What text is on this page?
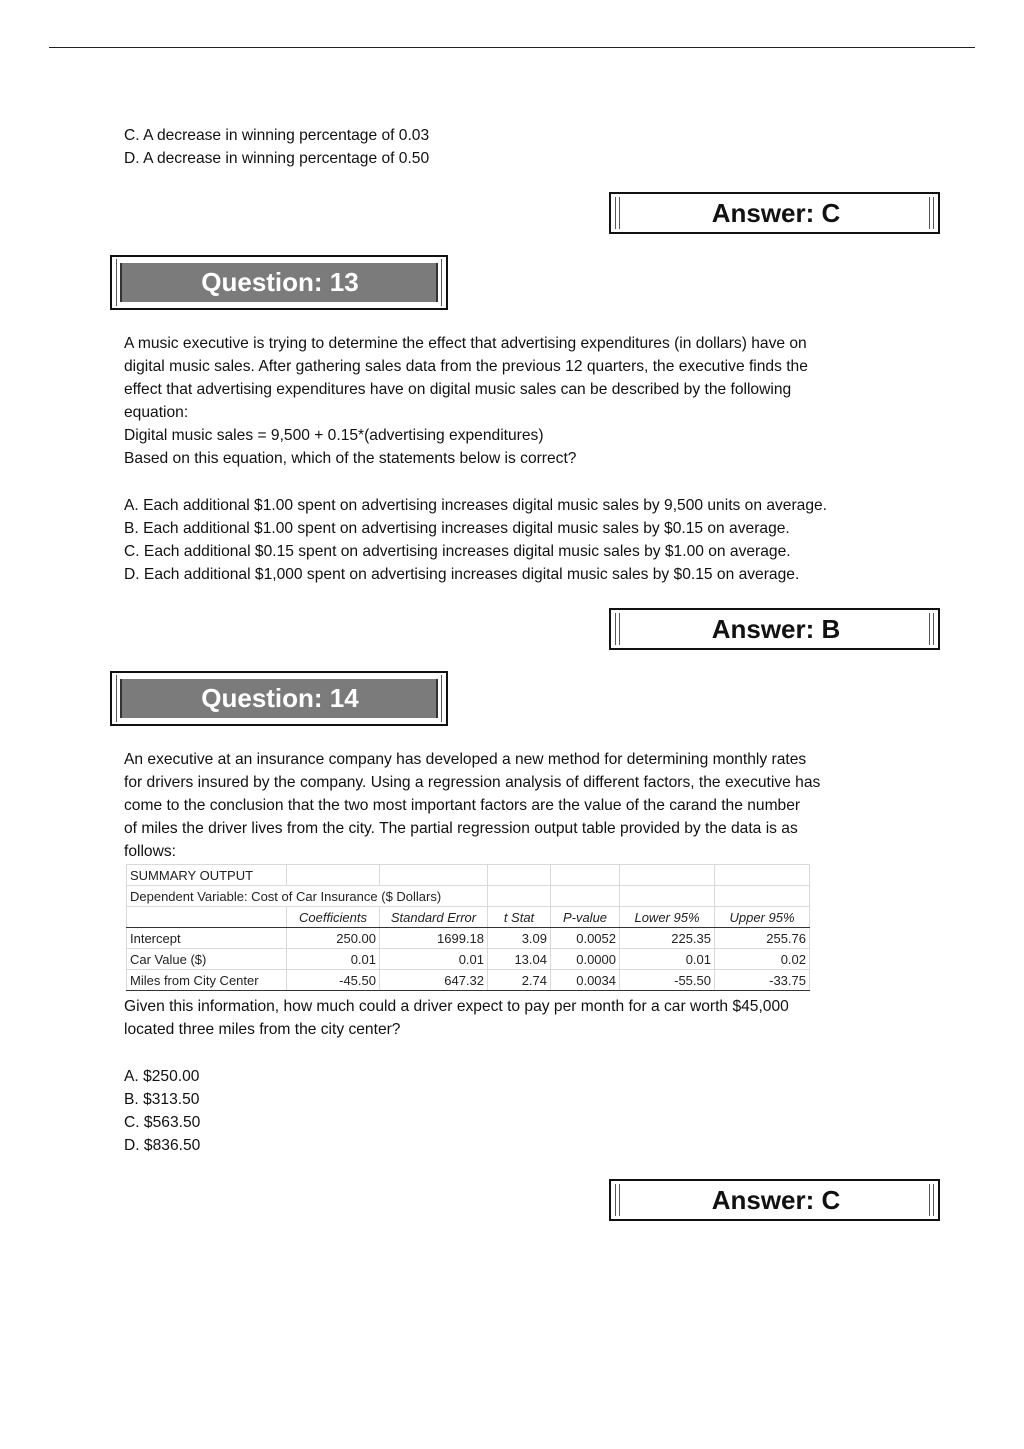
C. A decrease in winning percentage of 0.03
D. A decrease in winning percentage of 0.50
Answer: C
Question: 13
A music executive is trying to determine the effect that advertising expenditures (in dollars) have on
digital music sales. After gathering sales data from the previous 12 quarters, the executive finds the
effect that advertising expenditures have on digital music sales can be described by the following
equation:
Digital music sales = 9,500 + 0.15*(advertising expenditures)
Based on this equation, which of the statements below is correct?
A. Each additional $1.00 spent on advertising increases digital music sales by 9,500 units on average.
B. Each additional $1.00 spent on advertising increases digital music sales by $0.15 on average.
C. Each additional $0.15 spent on advertising increases digital music sales by $1.00 on average.
D. Each additional $1,000 spent on advertising increases digital music sales by $0.15 on average.
Answer: B
Question: 14
An executive at an insurance company has developed a new method for determining monthly rates
for drivers insured by the company. Using a regression analysis of different factors, the executive has
come to the conclusion that the two most important factors are the value of the carand the number
of miles the driver lives from the city. The partial regression output table provided by the data is as
follows:
SUMMARY OUTPUT						
Dependent Variable: Cost of Car Insurance ($ Dollars)						
	Coefficients	Standard Error	t Stat	P-value	Lower 95%	Upper 95%
Intercept	250.00	1699.18	3.09	0.0052	225.35	255.76
Car Value ($)	0.01	0.01	13.04	0.0000	0.01	0.02
Miles from City Center	-45.50	647.32	2.74	0.0034	-55.50	-33.75
Given this information, how much could a driver expect to pay per month for a car worth $45,000
located three miles from the city center?
A. $250.00
B. $313.50
C. $563.50
D. $836.50
Answer: C
